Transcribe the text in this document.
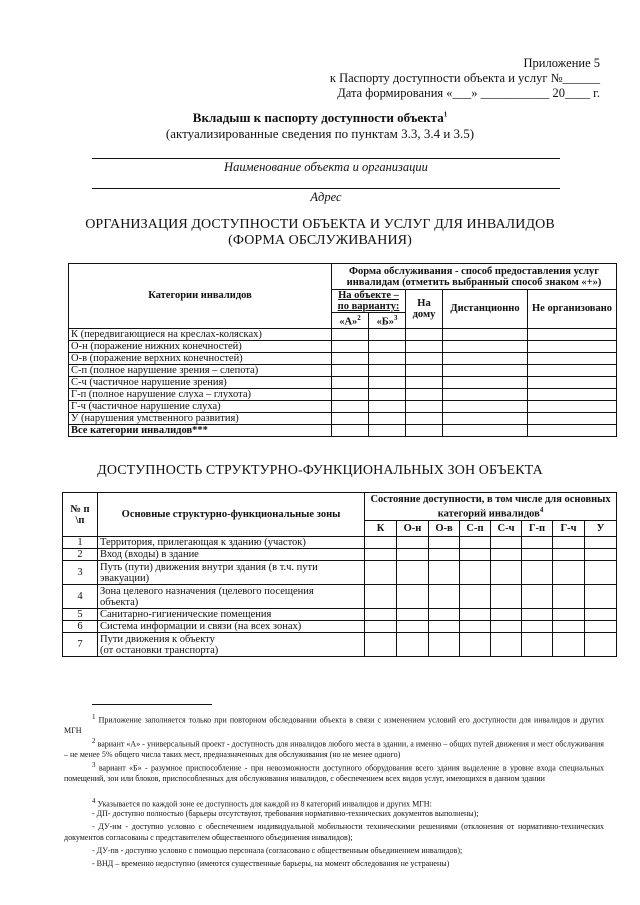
Приложение 5
к Паспорту доступности объекта и услуг №______
Дата формирования «___» ___________ 20____ г.
Вкладыш к паспорту доступности объекта$^1$
(актуализированные сведения по пунктам 3.3, 3.4 и 3.5)
Наименование объекта и организации
Адрес
ОРГАНИЗАЦИЯ ДОСТУПНОСТИ ОБЪЕКТА И УСЛУГ ДЛЯ ИНВАЛИДОВ
(ФОРМА ОБСЛУЖИВАНИЯ)
Категории инвалидов	Форма обслуживания - способ предоставления услуг инвалидам (отметить выбранный способ знаком «+»)				
	На объекте – по варианту:		На дому	Дистанционно	Не организовано
	«А»$^2$	«Б»$^3$
К (передвигающиеся на креслах-колясках)					
О-н (поражение нижних конечностей)					
О-в (поражение верхних конечностей)					
С-п (полное нарушение зрения – слепота)					
С-ч (частичное нарушение зрения)					
Г-п (полное нарушение слуха – глухота)					
Г-ч (частичное нарушение слуха)					
У (нарушения умственного развития)					
Все категории инвалидов***					
ДОСТУПНОСТЬ СТРУКТУРНО-ФУНКЦИОНАЛЬНЫХ ЗОН ОБЪЕКТА
№ п \п	Основные структурно-функциональные зоны	Состояние доступности, в том числе для основных категорий инвалидов$^4$
		К	О-н	О-в	С-п	С-ч	Г-п	Г-ч	У
1	Территория, прилегающая к зданию (участок)								
2	Вход (входы) в здание								
3	Путь (пути) движения внутри здания (в т.ч. пути
эвакуации)								

4	Зона целевого назначения (целевого посещения
объекта)								

5	Санитарно-гигиенические помещения								
6	Система информации и связи (на всех зонах)								
7	Пути движения к объекту
(от остановки транспорта)								

1 Приложение заполняется только при повторном обследовании объекта в связи с изменением условий его доступности для инвалидов и других МГН
2 вариант «А» - универсальный проект - доступность для инвалидов любого места в здании, а именно – общих путей движения и мест обслуживания – не менее 5% общего числа таких мест, предназначенных для обслуживания (но не менее одного)
3 вариант «Б» - разумное приспособление - при невозможности доступного оборудования всего здания выделение в уровне входа специальных помещений, зон или блоков, приспособленных для обслуживания инвалидов, с обеспечением всех видов услуг, имеющихся в данном здании
4 Указывается по каждой зоне ее доступность для каждой из 8 категорий инвалидов и других МГН:
- ДП- доступно полностью (барьеры отсутствуют, требования нормативно-технических документов выполнены);
- ДУ-им - доступно условно с обеспечением индивидуальной мобильности техническими решениями (отклонения от нормативно-технических документов согласованы с представителем общественного объединения инвалидов);
- ДУ-пв - доступно условно с помощью персонала (согласовано с общественным объединением инвалидов);
- ВНД – временно недоступно (имеются существенные барьеры, на момент обследования не устранены)
